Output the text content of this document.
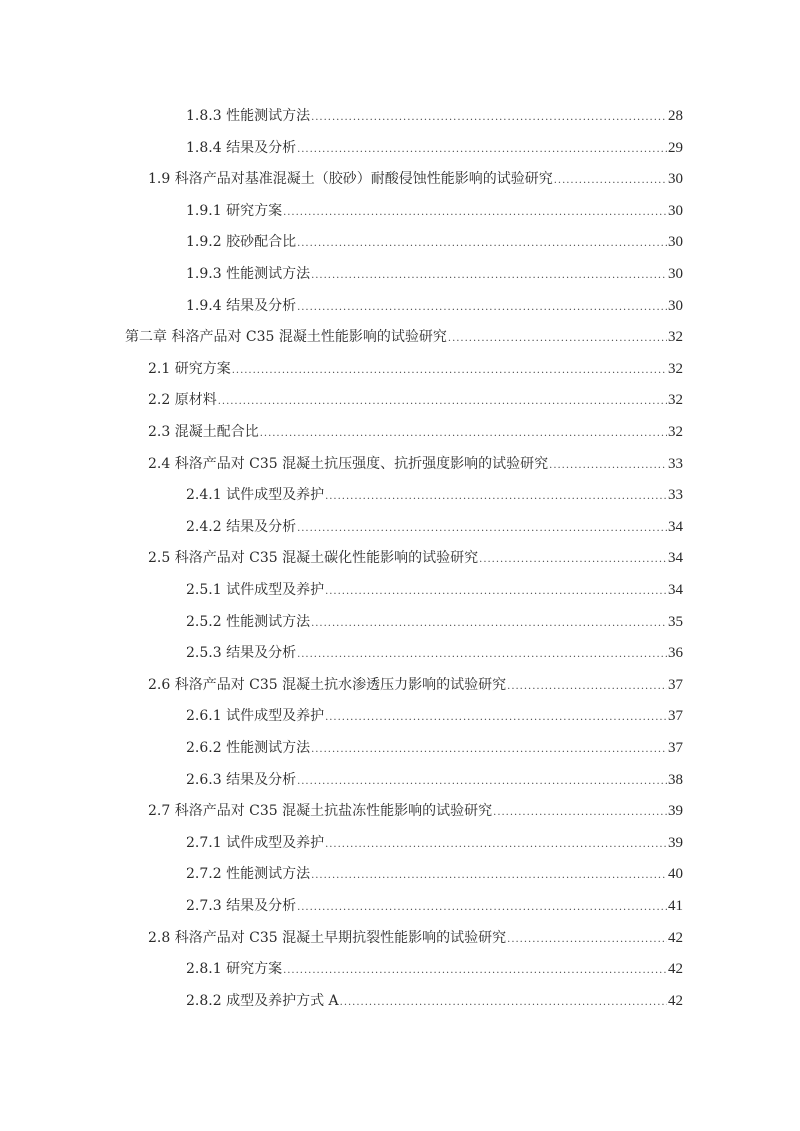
1.8.3 性能测试方法 .....	28
1.8.4 结果及分析 .....	29
1.9 科洛产品对基准混凝土（胶砂）耐酸侵蚀性能影响的试验研究 .....	30
1.9.1 研究方案 .....	30
1.9.2 胶砂配合比 .....	30
1.9.3 性能测试方法 .....	30
1.9.4 结果及分析 .....	30
第二章 科洛产品对 C35 混凝土性能影响的试验研究 .....	32
2.1 研究方案 .....	32
2.2 原材料 .....	32
2.3 混凝土配合比 .....	32
2.4 科洛产品对 C35 混凝土抗压强度、抗折强度影响的试验研究 .....	33
2.4.1 试件成型及养护 .....	33
2.4.2 结果及分析 .....	34
2.5 科洛产品对 C35 混凝土碳化性能影响的试验研究 .....	34
2.5.1 试件成型及养护 .....	34
2.5.2 性能测试方法 .....	35
2.5.3 结果及分析 .....	36
2.6 科洛产品对 C35 混凝土抗水渗透压力影响的试验研究 .....	37
2.6.1 试件成型及养护 .....	37
2.6.2 性能测试方法 .....	37
2.6.3 结果及分析 .....	38
2.7 科洛产品对 C35 混凝土抗盐冻性能影响的试验研究 .....	39
2.7.1 试件成型及养护 .....	39
2.7.2 性能测试方法 .....	40
2.7.3 结果及分析 .....	41
2.8 科洛产品对 C35 混凝土早期抗裂性能影响的试验研究 .....	42
2.8.1 研究方案 .....	42
2.8.2 成型及养护方式 A .....	42
